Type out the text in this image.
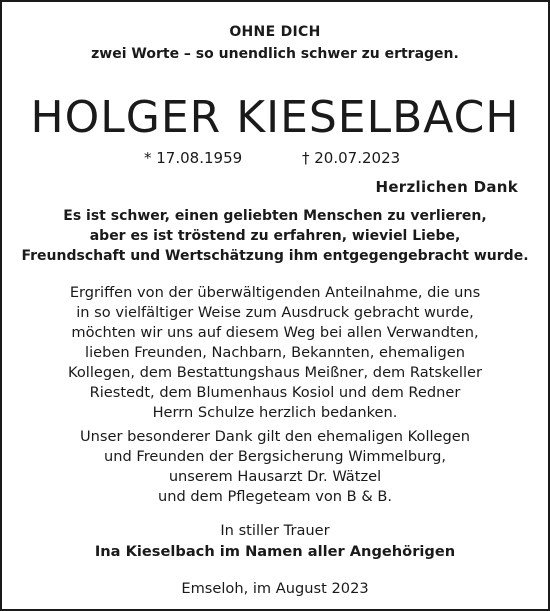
OHNE DICH
zwei Worte – so unendlich schwer zu ertragen.
HOLGER KIESELBACH
* 17.08.1959	† 20.07.2023
Herzlichen Dank
Es ist schwer, einen geliebten Menschen zu verlieren,
aber es ist tröstend zu erfahren, wieviel Liebe,
Freundschaft und Wertschätzung ihm entgegengebracht wurde.
Ergriffen von der überwältigenden Anteilnahme, die uns
in so vielfältiger Weise zum Ausdruck gebracht wurde,
möchten wir uns auf diesem Weg bei allen Verwandten,
lieben Freunden, Nachbarn, Bekannten, ehemaligen
Kollegen, dem Bestattungshaus Meißner, dem Ratskeller
Riestedt, dem Blumenhaus Kosiol und dem Redner
Herrn Schulze herzlich bedanken.
Unser besonderer Dank gilt den ehemaligen Kollegen
und Freunden der Bergsicherung Wimmelburg,
unserem Hausarzt Dr. Wätzel
und dem Pflegeteam von B & B.
In stiller Trauer
Ina Kieselbach im Namen aller Angehörigen
Emseloh, im August 2023
